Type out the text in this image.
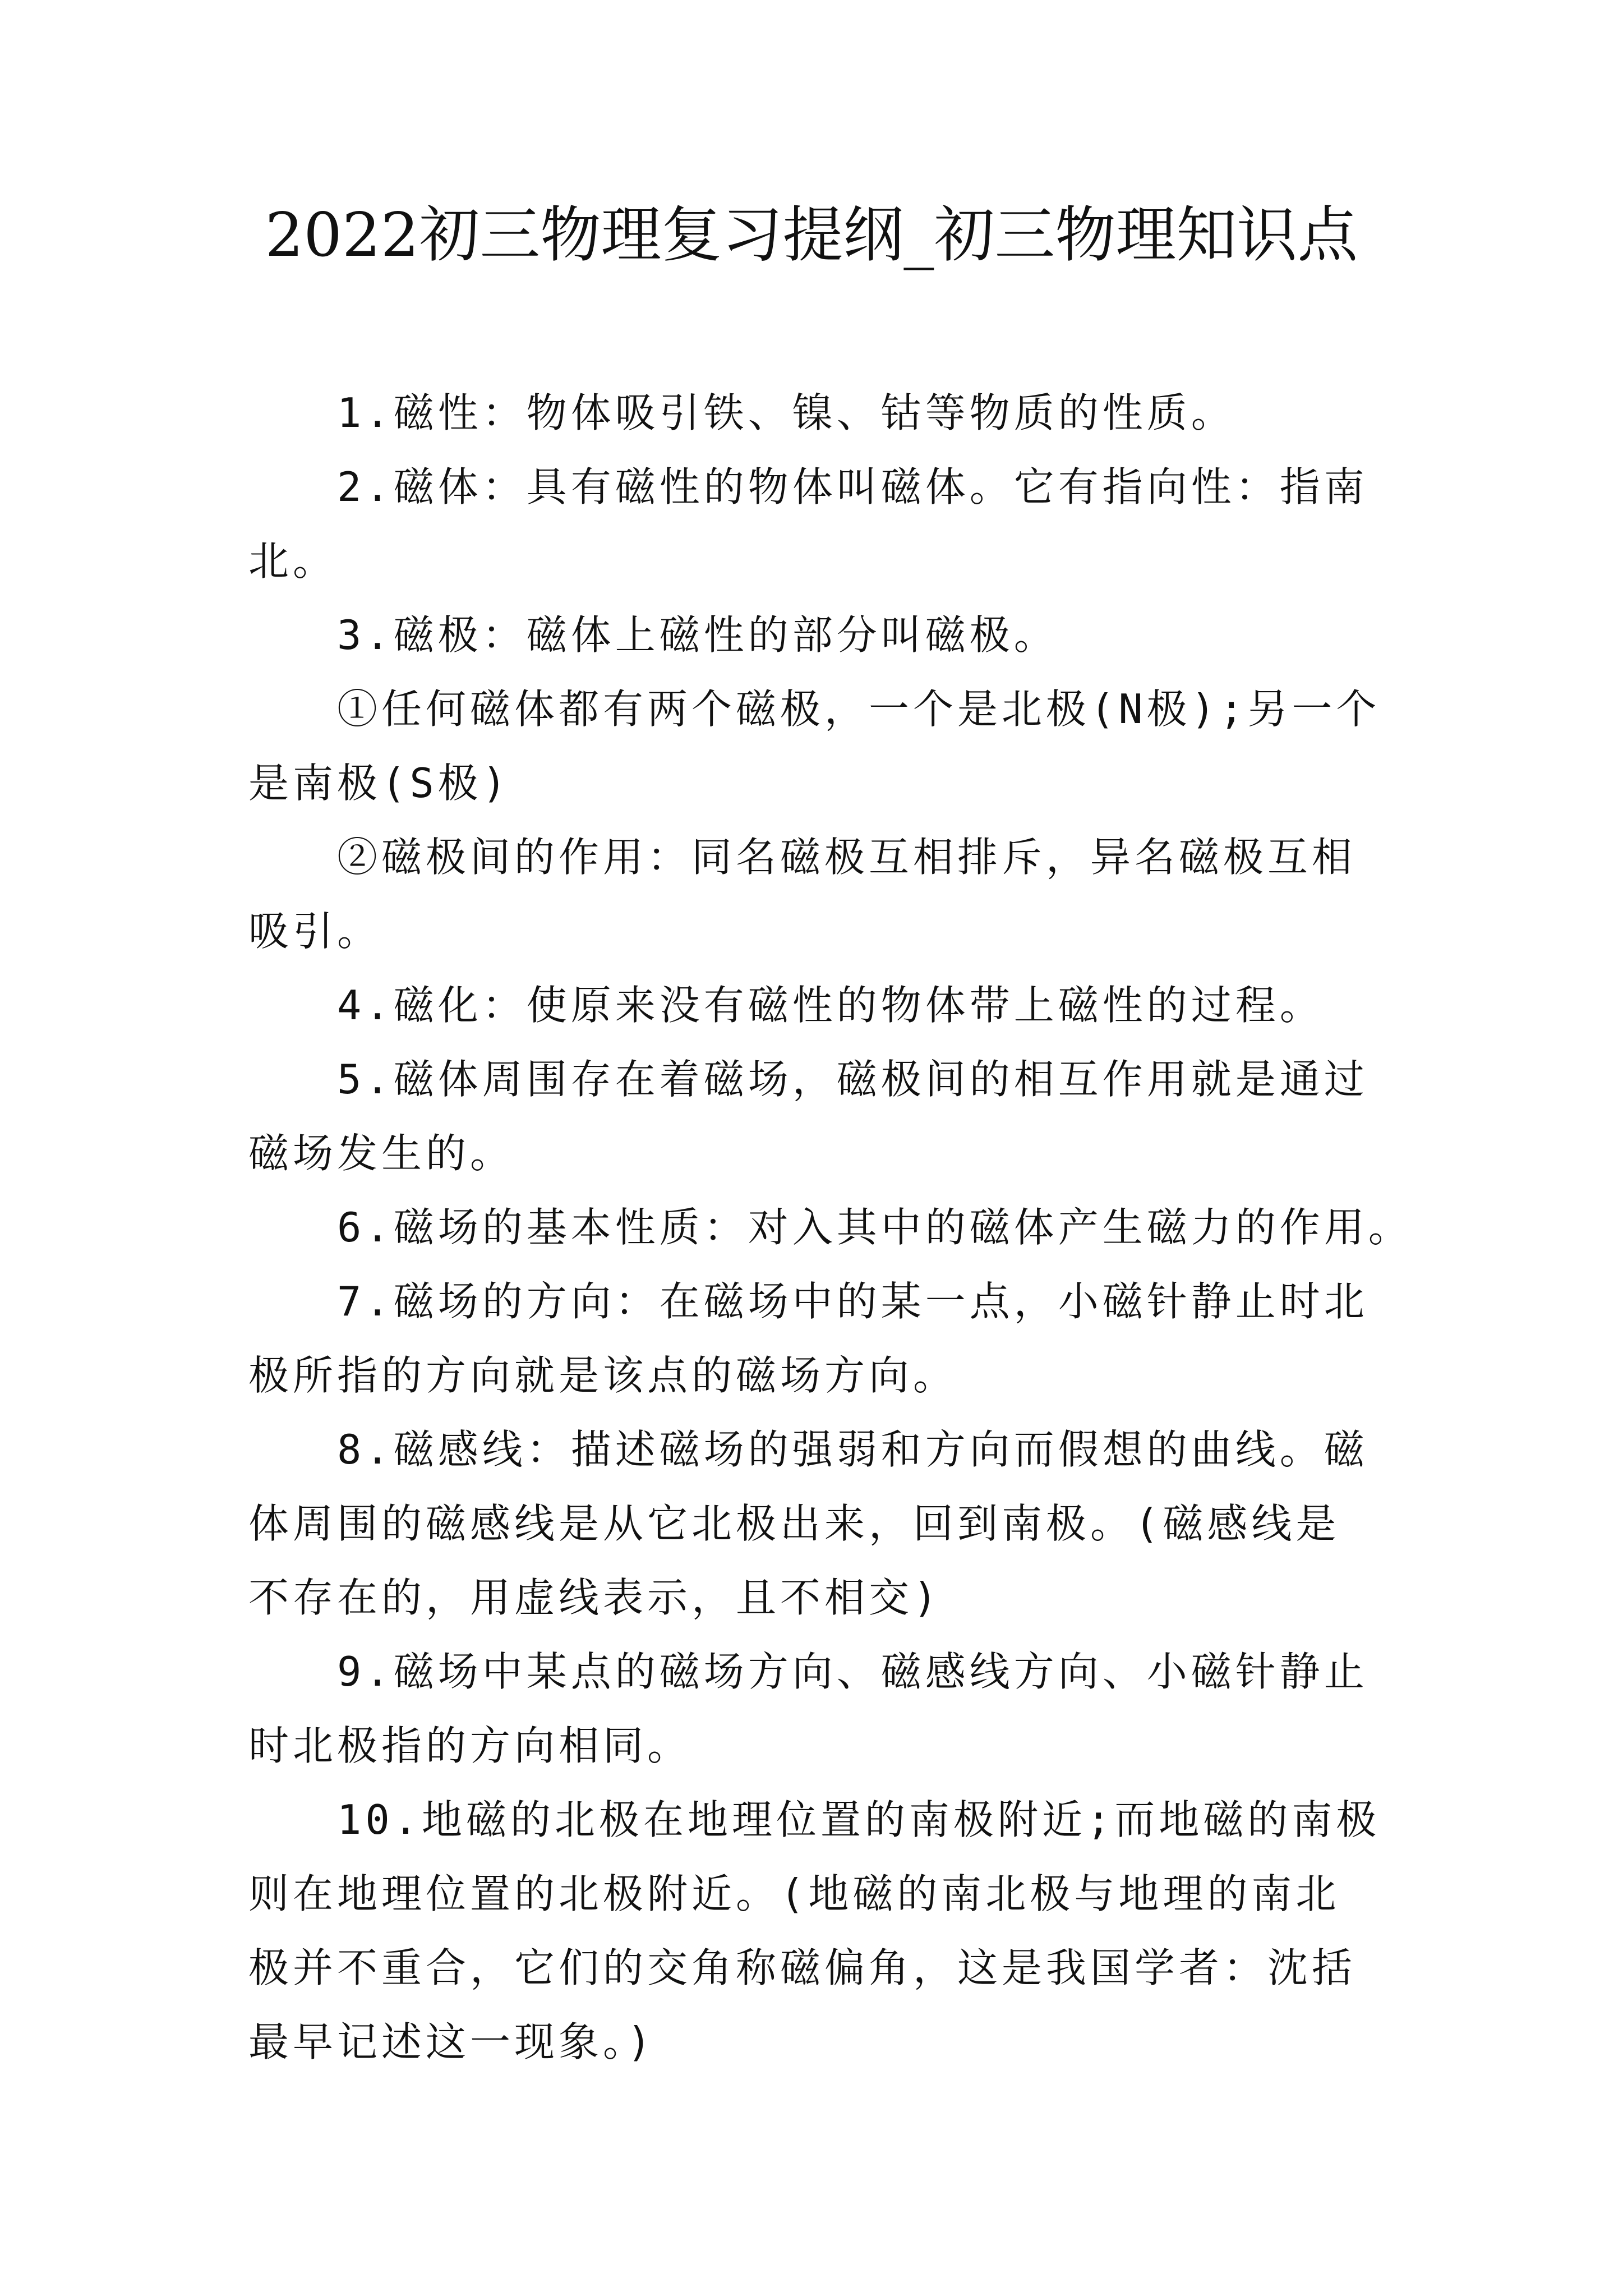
2022初三物理复习提纲_初三物理知识点

1.磁性：物体吸引铁、镍、钴等物质的性质。

2.磁体：具有磁性的物体叫磁体。它有指向性：指南北。

3.磁极：磁体上磁性的部分叫磁极。

①任何磁体都有两个磁极，一个是北极(N极);另一个是南极(S极)

②磁极间的作用：同名磁极互相排斥，异名磁极互相吸引。

4.磁化：使原来没有磁性的物体带上磁性的过程。

5.磁体周围存在着磁场，磁极间的相互作用就是通过磁场发生的。

6.磁场的基本性质：对入其中的磁体产生磁力的作用。

7.磁场的方向：在磁场中的某一点，小磁针静止时北极所指的方向就是该点的磁场方向。

8.磁感线：描述磁场的强弱和方向而假想的曲线。磁体周围的磁感线是从它北极出来，回到南极。(磁感线是不存在的，用虚线表示，且不相交)

9.磁场中某点的磁场方向、磁感线方向、小磁针静止时北极指的方向相同。

10.地磁的北极在地理位置的南极附近;而地磁的南极则在地理位置的北极附近。(地磁的南北极与地理的南北极并不重合，它们的交角称磁偏角，这是我国学者：沈括最早记述这一现象。)
